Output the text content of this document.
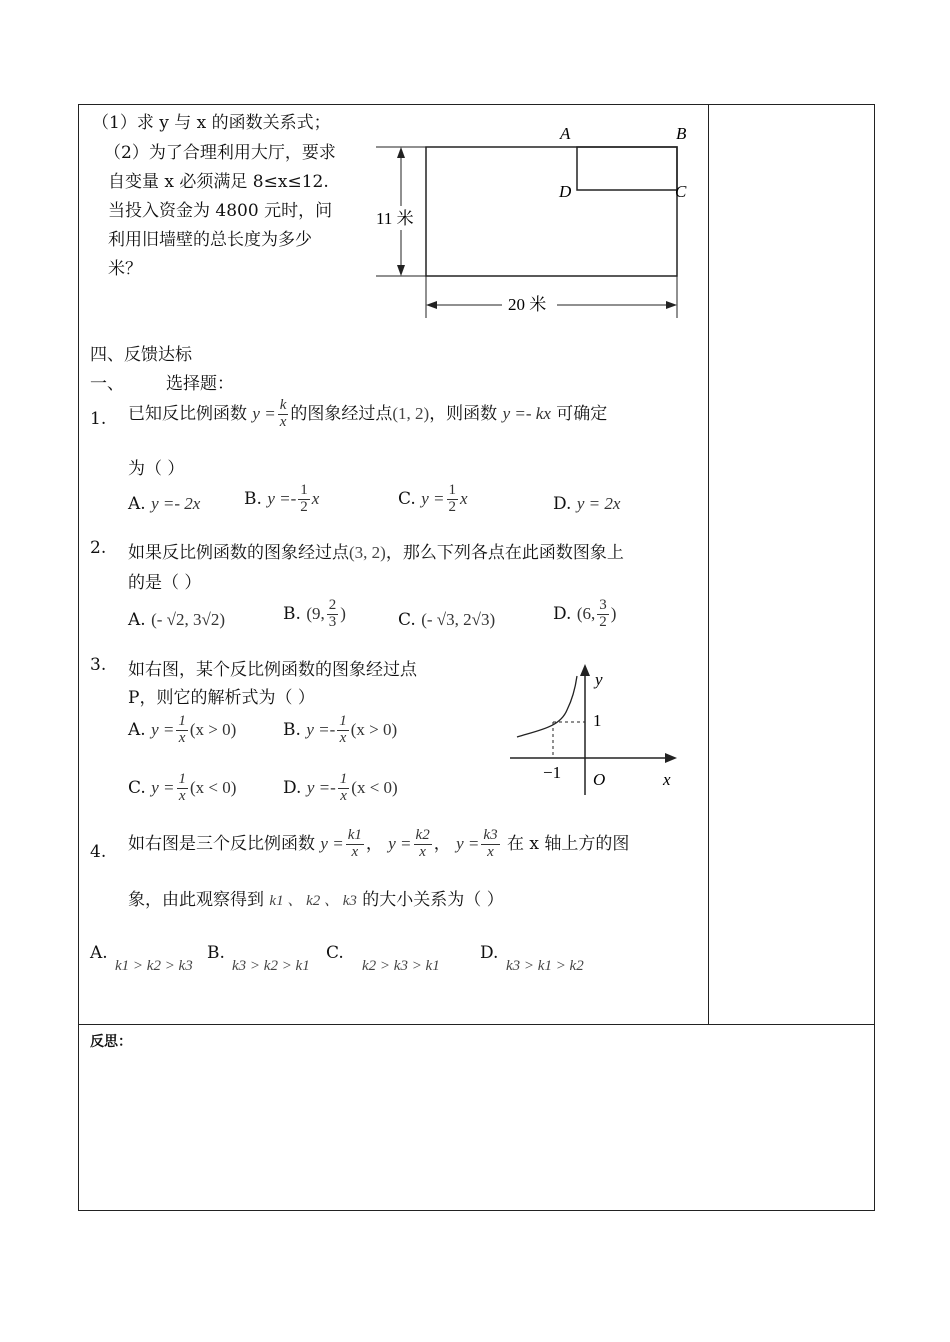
（1）求 y 与 x 的函数关系式；
（2）为了合理利用大厅，要求
自变量 x 必须满足 8≤x≤12.
当投入资金为 4800 元时，问
利用旧墙壁的总长度为多少
米？
A	B
C
D
11 米
20 米
四、反馈达标
一、 选择题：
1. 已知反比例函数 $y = \frac{k}{x}$ 的图象经过点(1, 2)，则函数 y =- kx 可确定
为（ ）
A. y =- 2x	B. $y =- \frac{1}{2}$ x	C. $y = \frac{1}{2}$ x	D. y = 2x
2. 如果反比例函数的图象经过点(3, 2)，那么下列各点在此函数图象上
的是（ ）
A. (- √2, 3√2)	B. (9, $\frac{2}{3}$ )	C. (- √3, 2√3)	D. (6, $\frac{3}{2}$ )
3. 如右图，某个反比例函数的图象经过点
P，则它的解析式为（ ）
A. $y = \frac{1}{x} (x > 0)$	B. $y =- \frac{1}{x} (x > 0)$
C. $y = \frac{1}{x} (x < 0)$	D. $y =- \frac{1}{x} (x < 0)$
y
1
−1 O	x
4. 如右图是三个反比例函数 $y = \frac{k1}{x}$ ， $y = \frac{k2}{x}$ ， $y = \frac{k3}{x}$ 在 x 轴上方的图
象，由此观察得到 k1 、 k2 、 k3 的大小关系为（ ）
A.
k1 > k2 > k3
B.
k3 > k2 > k1
C.
k2 > k3 > k1
D.
k3 > k1 > k2
反思：
